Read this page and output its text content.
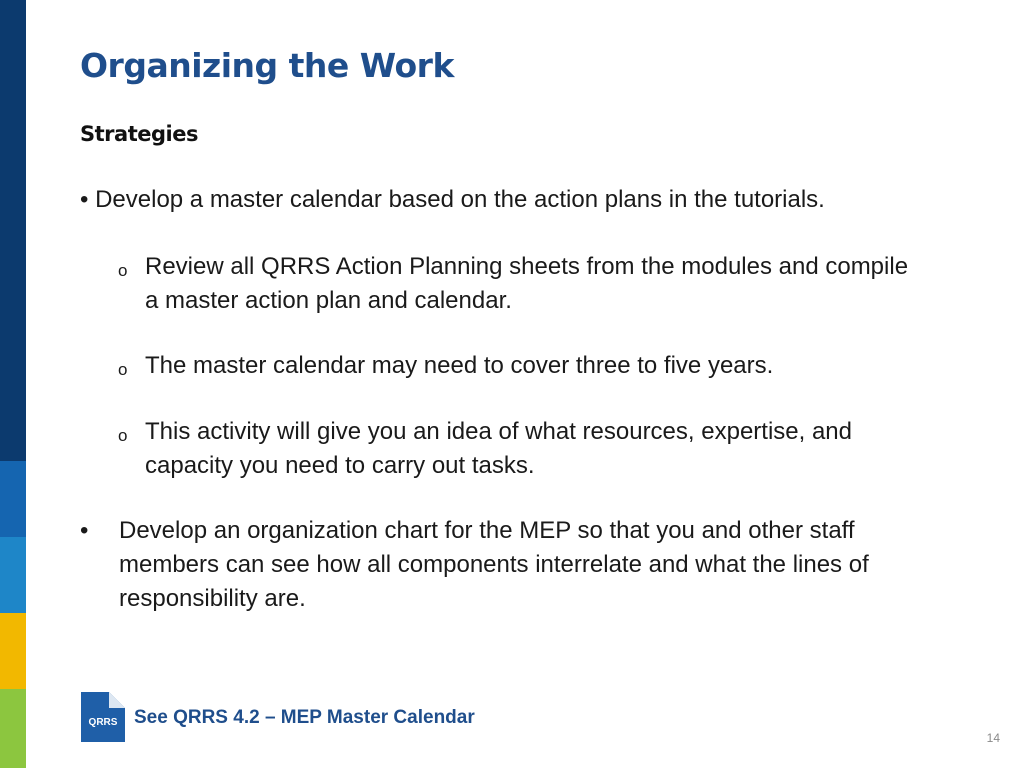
Organizing the Work
Strategies
• Develop a master calendar based on the action plans in the tutorials.
o Review all QRRS Action Planning sheets from the modules and compile a master action plan and calendar.
o The master calendar may need to cover three to five years.
o This activity will give you an idea of what resources, expertise, and capacity you need to carry out tasks.
• Develop an organization chart for the MEP so that you and other staff members can see how all components interrelate and what the lines of responsibility are.
QRRS See QRRS 4.2 – MEP Master Calendar
14
